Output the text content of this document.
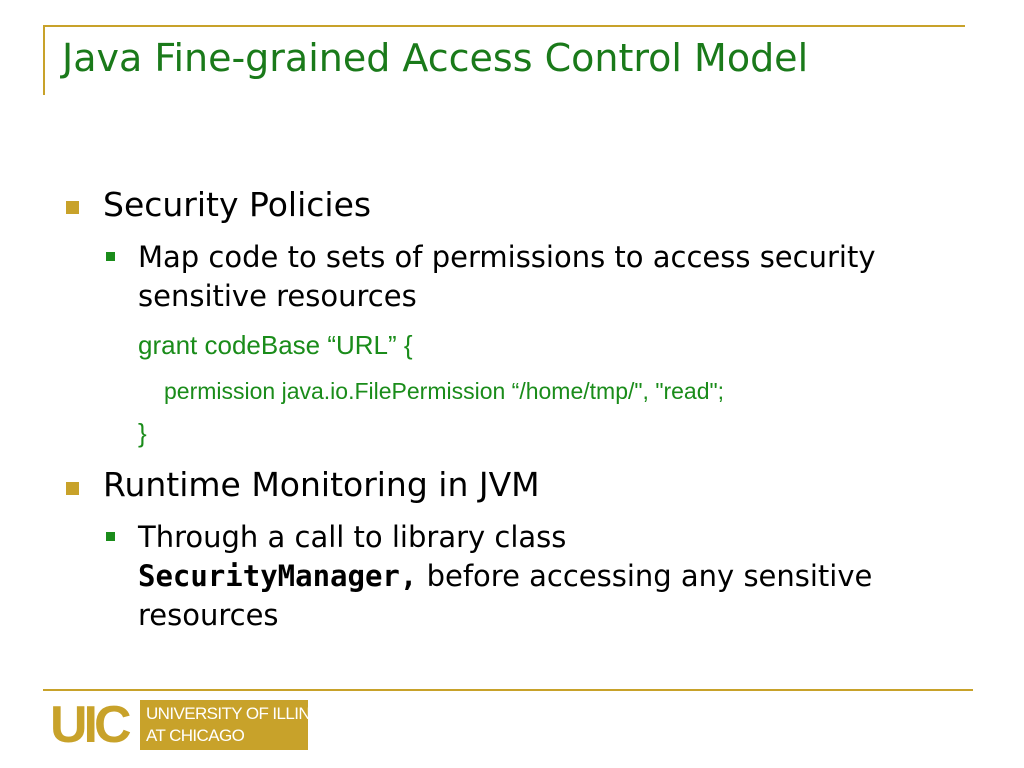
Java Fine-grained Access Control Model
Security Policies
Map code to sets of permissions to access security sensitive resources
grant codeBase “URL” {
permission java.io.FilePermission “/home/tmp/", "read";
}
Runtime Monitoring in JVM
Through a call to library class
SecurityManager, before accessing any sensitive resources
UIC	UNIVERSITY OF ILLINOIS
AT CHICAGO
